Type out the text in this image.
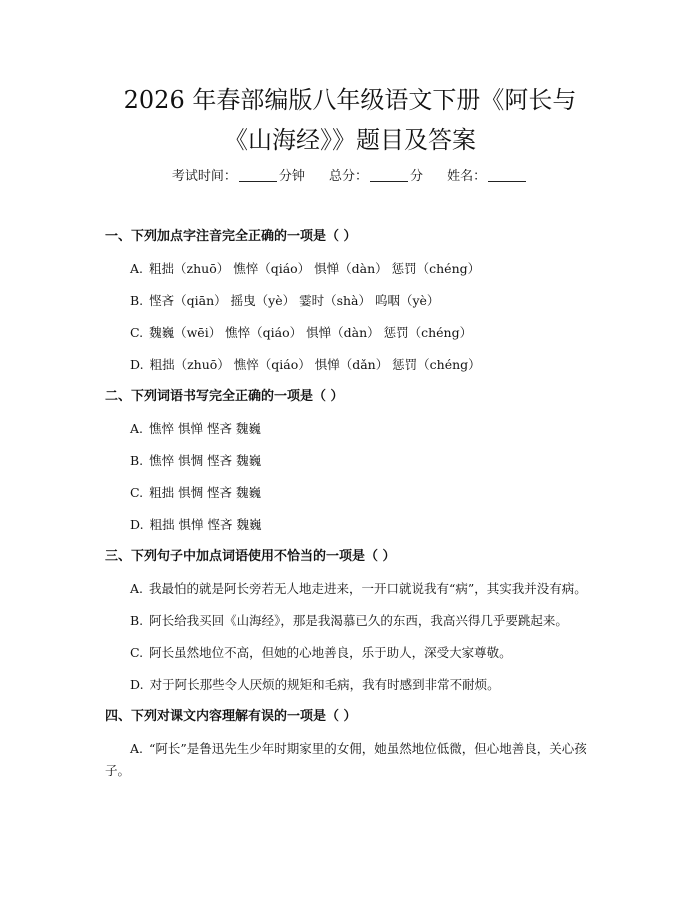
2026 年春部编版八年级语文下册《阿长与
《山海经》》题目及答案
考试时间：	分钟 总分：	分 姓名：
一、下列加点字注音完全正确的一项是（ ）
A. 粗拙（zhuō） 憔悴（qiáo） 惧惮（dàn） 惩罚（chéng）
B. 悭吝（qiān） 摇曳（yè） 霎时（shà） 呜咽（yè）
C. 魏巍（wēi） 憔悴（qiáo） 惧惮（dàn） 惩罚（chéng）
D. 粗拙（zhuō） 憔悴（qiáo） 惧惮（dǎn） 惩罚（chéng）
二、下列词语书写完全正确的一项是（ ）
A. 憔悴 惧惮 悭吝 魏巍
B. 憔悴 惧惆 悭吝 魏巍
C. 粗拙 惧惆 悭吝 魏巍
D. 粗拙 惧惮 悭吝 魏巍
三、下列句子中加点词语使用不恰当的一项是（ ）
A. 我最怕的就是阿长旁若无人地走进来，一开口就说我有“病”，其实我并没有病。
B. 阿长给我买回《山海经》，那是我渴慕已久的东西，我高兴得几乎要跳起来。
C. 阿长虽然地位不高，但她的心地善良，乐于助人，深受大家尊敬。
D. 对于阿长那些令人厌烦的规矩和毛病，我有时感到非常不耐烦。
四、下列对课文内容理解有误的一项是（ ）
A. “阿长”是鲁迅先生少年时期家里的女佣，她虽然地位低微，但心地善良，关心孩子。
